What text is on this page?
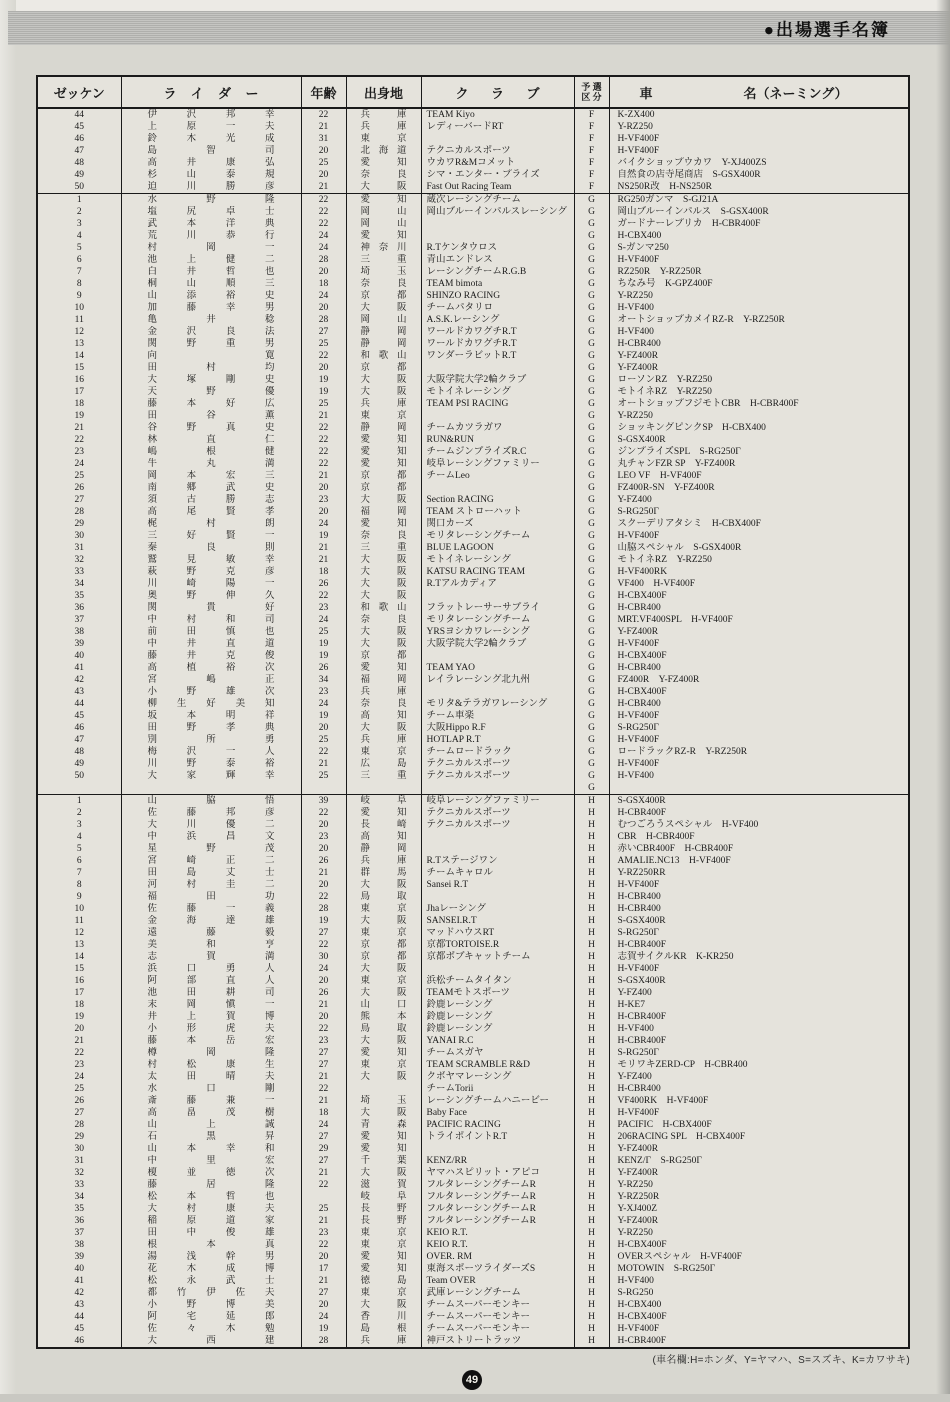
●出場選手名簿
ゼッケン	ライダー	年齢	出身地	クラブ	予 選
区 分	車　　　　　　　名（ネーミング）
44	伊沢邦幸	22	兵庫	TEAM Kiyo	F	K-ZX400
45	上原一夫	21	兵庫	レディーバードRT	F	Y-RZ250
46	鈴木光成	31	東京		F	H-VF400F
47	島智司	20	北海道	テクニカルスポーツ	F	H-VF400F
48	高井康弘	25	愛知	ウカワR&Mコメット	F	バイクショップウカワ　Y-XJ400ZS
49	杉山泰規	20	奈良	シマ・エンター・プライズ	F	自然食の店寺尾商店　S-GSX400R
50	迫川勝彦	21	大阪	Fast Out Racing Team	F	NS250R改　H-NS250R
1	水野隆	22	愛知	蔵次レーシングチーム	G	RG250ガンマ　S-GJ21A
2	塩尻卓士	22	岡山	岡山ブルーインパルスレーシング	G	岡山ブルーインパルス　S-GSX400R
3	武本洋典	22	岡山		G	ガードナーレプリカ　H-CBR400F
4	荒川恭行	24	愛知		G	H-CBX400
5	村岡一	24	神奈川	R.Tケンタウロス	G	S-ガンマ250
6	池上健二	28	三重	青山エンドレス	G	H-VF400F
7	白井哲也	20	埼玉	レーシングチームR.G.B	G	RZ250R　Y-RZ250R
8	桐山順三	18	奈良	TEAM bimota	G	ちなみ号　K-GPZ400F
9	山添裕史	24	京都	SHINZO RACING	G	Y-RZ250
10	加藤幸男	20	大阪	チームパタリロ	G	H-VF400
11	亀井稔	28	岡山	A.S.K.レーシング	G	オートショップカメイRZ-R　Y-RZ250R
12	金沢良法	27	静岡	ワールドカワグチR.T	G	H-VF400
13	関野重男	25	静岡	ワールドカワグチR.T	G	H-CBR400
14	向寛	22	和歌山	ワンダーラビットR.T	G	Y-FZ400R
15	田村均	20	京都		G	Y-FZ400R
16	大塚剛史	19	大阪	大阪学院大学2輪クラブ	G	ローソンRZ　Y-RZ250
17	天野優	19	大阪	モトイネレーシング	G	モトイネRZ　Y-RZ250
18	藤本好広	25	兵庫	TEAM PSI RACING	G	オートショップフジモトCBR　H-CBR400F
19	田谷薫	21	東京		G	Y-RZ250
21	谷野真史	22	静岡	チームカツラガワ	G	ショッキングピンクSP　H-CBX400
22	林直仁	22	愛知	RUN&RUN	G	S-GSX400R
23	嶋根健	22	愛知	チームジンプライズR.C	G	ジンプライズSPL　S-RG250Γ
24	牛丸満	22	愛知	岐阜レーシングファミリー	G	丸チャンFZR SP　Y-FZ400R
25	岡本宏三	21	京都	チームLeo	G	LEO VF　H-VF400F
26	南郷武史	20	京都		G	FZ400R-SN　Y-FZ400R
27	須古勝志	23	大阪	Section RACING	G	Y-FZ400
28	高尾賢孝	20	福岡	TEAM ストローハット	G	S-RG250Γ
29	梶村朗	24	愛知	関口カーズ	G	スクーデリアタシミ　H-CBX400F
30	三好賢一	19	奈良	モリタレーシングチーム	G	H-VF400F
31	秦良則	21	三重	BLUE LAGOON	G	山脇スペシャル　S-GSX400R
32	鷲見敏幸	21	大阪	モトイネレーシング	G	モトイネRZ　Y-RZ250
33	萩野克彦	18	大阪	KATSU RACING TEAM	G	H-VF400RK
34	川崎陽一	26	大阪	R.Tアルカディア	G	VF400　H-VF400F
35	奥野伸久	22	大阪		G	H-CBX400F
36	関貴好	23	和歌山	フラットレーサーサプライ	G	H-CBR400
37	中村和司	24	奈良	モリタレーシングチーム	G	MRT.VF400SPL　H-VF400F
38	前田慎也	25	大阪	YRSヨシカワレーシング	G	Y-FZ400R
39	中井直道	19	大阪	大阪学院大学2輪クラブ	G	H-VF400F
40	藤井克俊	19	京都		G	H-CBX400F
41	高植裕次	26	愛知	TEAM YAO	G	H-CBR400
42	宮嶋正	34	福岡	レイラレーシング北九州	G	FZ400R　Y-FZ400R
43	小野雄次	23	兵庫		G	H-CBX400F
44	柳生好美知	24	奈良	モリタ&テラガワレーシング	G	H-CBR400
45	坂本明祥	19	高知	チーム車楽	G	H-VF400F
46	田野孝典	20	大阪	大阪Hippo R.F	G	S-RG250Γ
47	別所勇	25	兵庫	HOTLAP R.T	G	H-VF400F
48	梅沢一人	22	東京	チームロードラック	G	ロードラックRZ-R　Y-RZ250R
49	川野泰裕	21	広島	テクニカルスポーツ	G	H-VF400F
50	大家輝幸	25	三重	テクニカルスポーツ	G	H-VF400
					G	
1	山脇悟	39	岐阜	岐阜レーシングファミリー	H	S-GSX400R
2	佐藤邦彦	22	愛知	テクニカルスポーツ	H	H-CBR400F
3	大川優二	20	長崎	テクニカルスポーツ	H	むつごろうスペシャル　H-VF400
4	中浜昌文	23	高知		H	CBR　H-CBR400F
5	星野茂	20	静岡		H	赤いCBR400F　H-CBR400F
6	宮崎正二	26	兵庫	R.Tステージワン	H	AMALIE.NC13　H-VF400F
7	田島丈士	21	群馬	チームキャロル	H	Y-RZ250RR
8	河村圭二	20	大阪	Sansei R.T	H	H-VF400F
9	福田功	22	鳥取		H	H-CBR400
10	佐藤一義	28	東京	Jhaレーシング	H	H-CBR400
11	金海達雄	19	大阪	SANSEI.R.T	H	S-GSX400R
12	遠藤毅	27	東京	マッドハウスRT	H	S-RG250Γ
13	美和亨	22	京都	京都TORTOISE.R	H	H-CBR400F
14	志賀満	30	京都	京都ボブキャットチーム	H	志賀サイクルKR　K-KR250
15	浜口勇人	24	大阪		H	H-VF400F
16	阿部直人	20	東京	浜松チームタイタン	H	S-GSX400R
17	池田耕司	26	大阪	TEAMモトスポーツ	H	Y-FZ400
18	末岡愼一	21	山口	鈴鹿レーシング	H	H-KE7
19	井上賀博	20	熊本	鈴鹿レーシング	H	H-CBR400F
20	小形虎夫	22	鳥取	鈴鹿レーシング	H	H-VF400
21	藤本岳宏	23	大阪	YANAI R.C	H	H-CBR400F
22	樽岡隆	27	愛知	チームスガヤ	H	S-RG250Γ
23	村松康生	27	東京	TEAM SCRAMBLE R&D	H	モリワキZERD-CP　H-CBR400
24	太田晴夫	21	大阪	クボヤマレーシング	H	Y-FZ400
25	水口剛	22		チームTorii	H	H-CBR400
26	斎藤兼一	21	埼玉	レーシングチームハニービー	H	VF400RK　H-VF400F
27	高畠茂樹	18	大阪	Baby Face	H	H-VF400F
28	山上誠	24	青森	PACIFIC RACING	H	PACIFIC　H-CBX400F
29	石黒昇	27	愛知	トライポイントR.T	H	206RACING SPL　H-CBX400F
30	山本幸和	29	愛知		H	Y-FZ400R
31	中里宏	27	千葉	KENZ/RR	H	KENZ/Γ　S-RG250Γ
32	榎並徳次	21	大阪	ヤマハスピリット・アピコ	H	Y-FZ400R
33	藤居隆	22	滋賀	フルタレーシングチームR	H	Y-RZ250
34	松本哲也		岐阜	フルタレーシングチームR	H	Y-RZ250R
35	大村康夫	25	長野	フルタレーシングチームR	H	Y-XJ400Z
36	稲原道家	21	長野	フルタレーシングチームR	H	Y-FZ400R
37	田中俊雄	23	東京	KEIO R.T.	H	Y-RZ250
38	根本真	22	東京	KEIO R.T.	H	H-CBX400F
39	湯浅幹男	20	愛知	OVER. RM	H	OVERスペシャル　H-VF400F
40	花木成博	17	愛知	東海スポーツライダーズS	H	MOTOWIN　S-RG250Γ
41	松永武士	21	徳島	Team OVER	H	H-VF400
42	都竹伊佐夫	27	東京	武庫レーシングチーム	H	S-RG250
43	小野博美	20	大阪	チームスーパーモンキー	H	H-CBX400
44	阿宅延郎	24	香川	チームスーパーモンキー	H	H-CBX400F
45	佐々木勉	19	島根	チームスーパーモンキー	H	H-VF400F
46	大西建	28	兵庫	神戸ストリートラッツ	H	H-CBR400F
(車名欄:H=ホンダ、Y=ヤマハ、S=スズキ、K=カワサキ)
49
